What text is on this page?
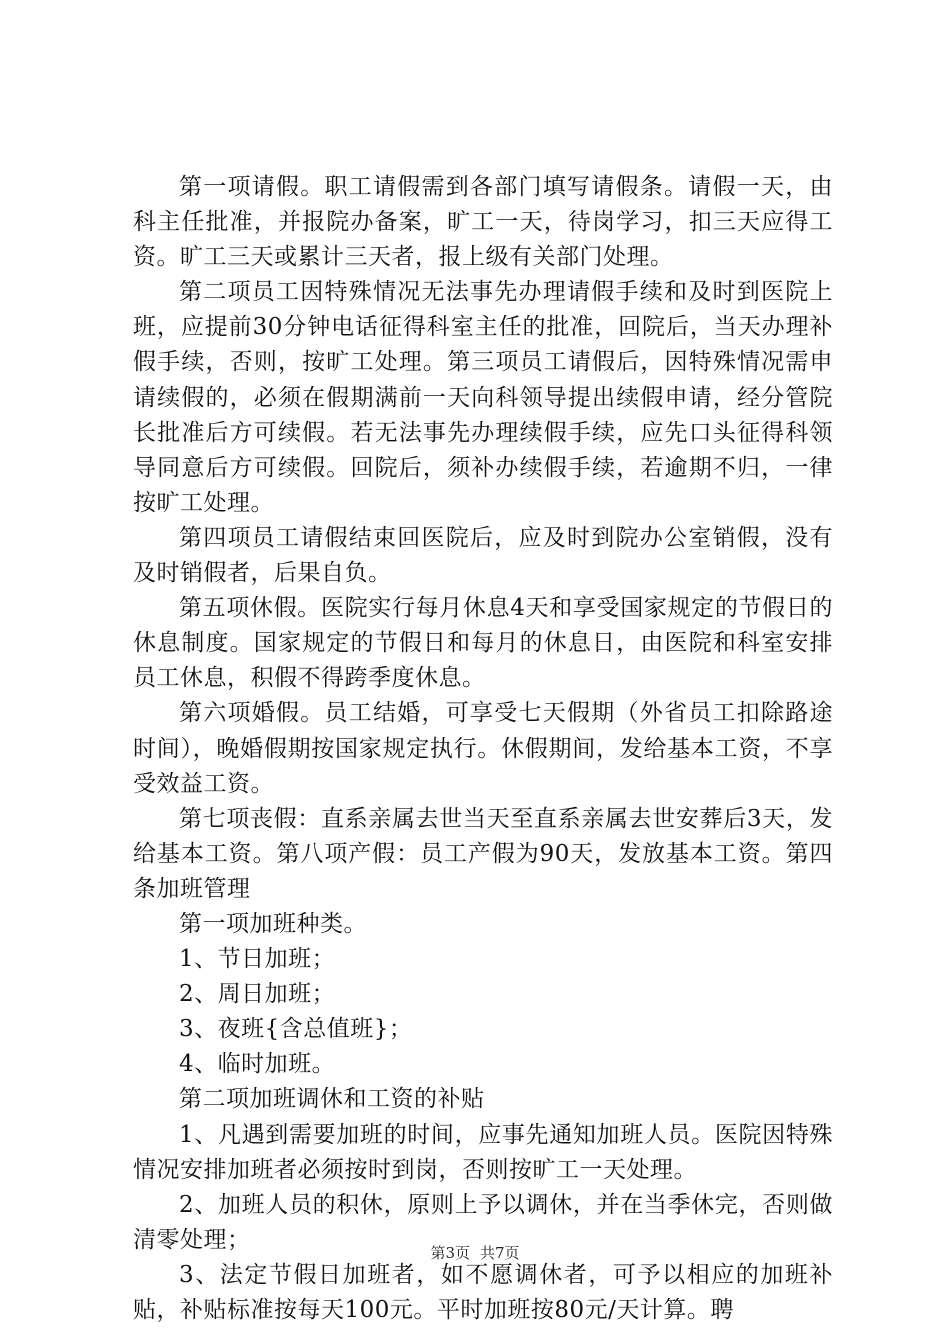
第一项请假。职工请假需到各部门填写请假条。请假一天，由科主任批准，并报院办备案，旷工一天，待岗学习，扣三天应得工资。旷工三天或累计三天者，报上级有关部门处理。

第二项员工因特殊情况无法事先办理请假手续和及时到医院上班，应提前30分钟电话征得科室主任的批准，回院后，当天办理补假手续，否则，按旷工处理。第三项员工请假后，因特殊情况需申请续假的，必须在假期满前一天向科领导提出续假申请，经分管院长批准后方可续假。若无法事先办理续假手续，应先口头征得科领导同意后方可续假。回院后，须补办续假手续，若逾期不归，一律按旷工处理。

第四项员工请假结束回医院后，应及时到院办公室销假，没有及时销假者，后果自负。

第五项休假。医院实行每月休息4天和享受国家规定的节假日的休息制度。国家规定的节假日和每月的休息日，由医院和科室安排员工休息，积假不得跨季度休息。

第六项婚假。员工结婚，可享受七天假期（外省员工扣除路途时间），晚婚假期按国家规定执行。休假期间，发给基本工资，不享受效益工资。

第七项丧假：直系亲属去世当天至直系亲属去世安葬后3天，发给基本工资。第八项产假：员工产假为90天，发放基本工资。第四条加班管理

第一项加班种类。

1、节日加班；

2、周日加班；

3、夜班{含总值班}；

4、临时加班。

第二项加班调休和工资的补贴

1、凡遇到需要加班的时间，应事先通知加班人员。医院因特殊情况安排加班者必须按时到岗，否则按旷工一天处理。

2、加班人员的积休，原则上予以调休，并在当季休完，否则做清零处理；

3、法定节假日加班者，如不愿调休者，可予以相应的加班补贴，补贴标准按每天100元。平时加班按80元/天计算。聘

第3页 共7页
